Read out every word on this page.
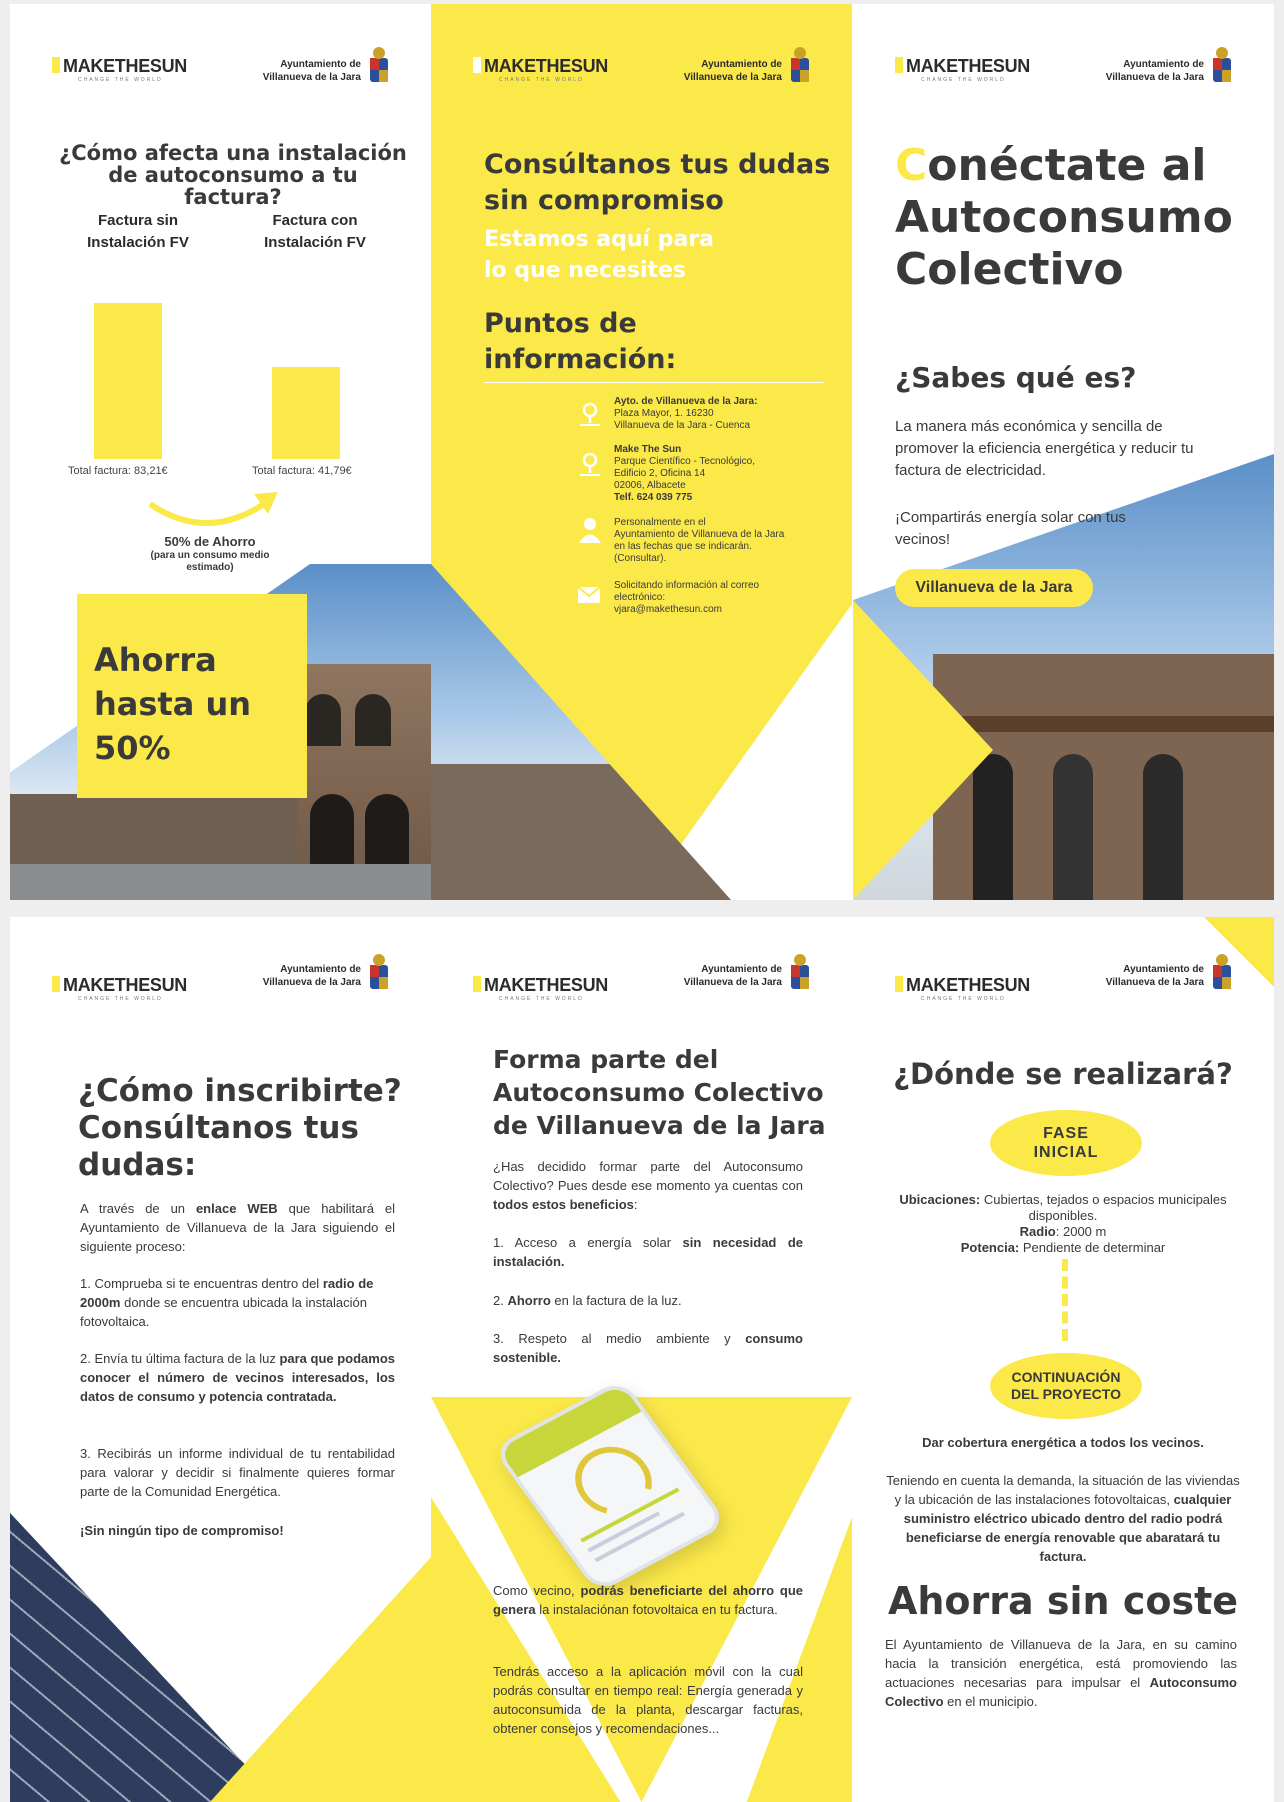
MAKETHESUN
CHANGE THE WORLD
Ayuntamiento de
Villanueva de la Jara
¿Cómo afecta una instalación de autoconsumo a tu factura?
Factura sin Instalación FV
Factura con Instalación FV
Total factura: 83,21€	Total factura: 41,79€
50% de Ahorro
(para un consumo medio estimado)
Ahorra
hasta un
50%
MAKETHESUN
CHANGE THE WORLD
Ayuntamiento de
Villanueva de la Jara
Consúltanos tus dudas
sin compromiso
Estamos aquí para
lo que necesites
Puntos de
información:
Ayto. de Villanueva de la Jara:
Plaza Mayor, 1. 16230
Villanueva de la Jara - Cuenca
Make The Sun
Parque Científico - Tecnológico,
Edificio 2, Oficina 14
02006, Albacete
Telf. 624 039 775
Personalmente en el
Ayuntamiento de Villanueva de la Jara
en las fechas que se indicarán.
(Consultar).
Solicitando información al correo
electrónico:
vjara@makethesun.com
MAKETHESUN
CHANGE THE WORLD
Ayuntamiento de
Villanueva de la Jara
Conéctate al
Autoconsumo
Colectivo
¿Sabes qué es?
La manera más económica y sencilla de promover la eficiencia energética y reducir tu factura de electricidad.
¡Compartirás energía solar con tus vecinos!
Villanueva de la Jara
MAKETHESUN
CHANGE THE WORLD
Ayuntamiento de
Villanueva de la Jara
¿Cómo inscribirte?
Consúltanos tus
dudas:
A través de un enlace WEB que habilitará el Ayuntamiento de Villanueva de la Jara siguiendo el siguiente proceso:
1. Comprueba si te encuentras dentro del radio de 2000m donde se encuentra ubicada la instalación fotovoltaica.
2. Envía tu última factura de la luz para que podamos conocer el número de vecinos interesados, los datos de consumo y potencia contratada.
3. Recibirás un informe individual de tu rentabilidad para valorar y decidir si finalmente quieres formar parte de la Comunidad Energética.
¡Sin ningún tipo de compromiso!
MAKETHESUN
CHANGE THE WORLD
Ayuntamiento de
Villanueva de la Jara
Forma parte del
Autoconsumo Colectivo
de Villanueva de la Jara
¿Has decidido formar parte del Autoconsumo Colectivo? Pues desde ese momento ya cuentas con todos estos beneficios:
1. Acceso a energía solar sin necesidad de instalación.
2. Ahorro en la factura de la luz.
3. Respeto al medio ambiente y consumo sostenible.
Como vecino, podrás beneficiarte del ahorro que genera la instalaciónan fotovoltaica en tu factura.
Tendrás acceso a la aplicación móvil con la cual podrás consultar en tiempo real: Energía generada y autoconsumida de la planta, descargar facturas, obtener consejos y recomendaciones...
MAKETHESUN
CHANGE THE WORLD
Ayuntamiento de
Villanueva de la Jara
¿Dónde se realizará?
FASE
INICIAL
Ubicaciones: Cubiertas, tejados o espacios municipales disponibles.
Radio: 2000 m
Potencia: Pendiente de determinar
CONTINUACIÓN
DEL PROYECTO
Dar cobertura energética a todos los vecinos.
Teniendo en cuenta la demanda, la situación de las viviendas y la ubicación de las instalaciones fotovoltaicas, cualquier suministro eléctrico ubicado dentro del radio podrá beneficiarse de energía renovable que abaratará tu factura.
Ahorra sin coste
El Ayuntamiento de Villanueva de la Jara, en su camino hacia la transición energética, está promoviendo las actuaciones necesarias para impulsar el Autoconsumo Colectivo en el municipio.
